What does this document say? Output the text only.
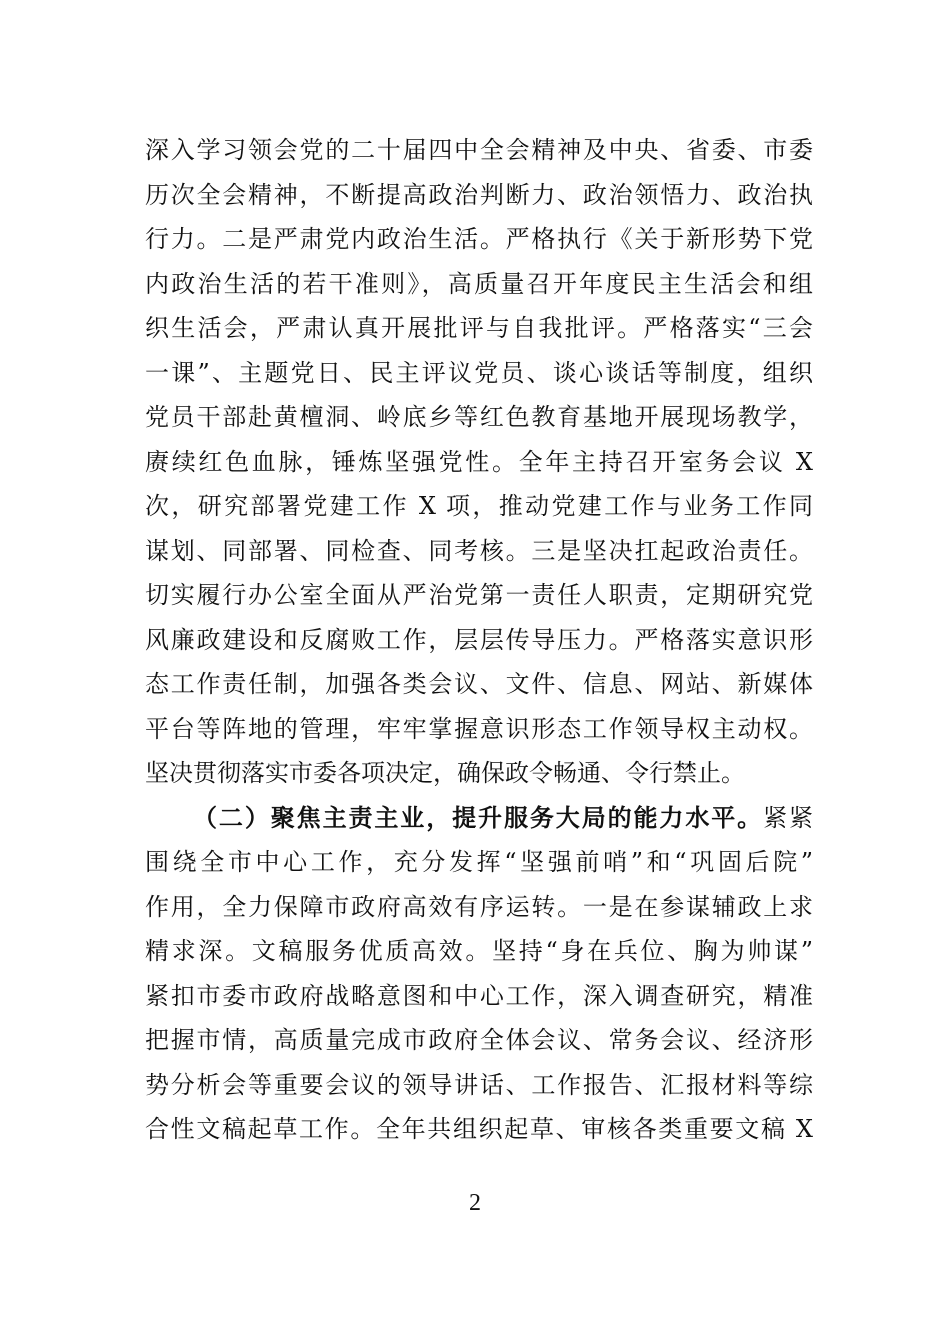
深入学习领会党的二十届四中全会精神及中央、省委、市委
历次全会精神，不断提高政治判断力、政治领悟力、政治执
行力。二是严肃党内政治生活。严格执行《关于新形势下党
内政治生活的若干准则》，高质量召开年度民主生活会和组
织生活会，严肃认真开展批评与自我批评。严格落实“三会
一课”、主题党日、民主评议党员、谈心谈话等制度，组织
党员干部赴黄檀洞、岭底乡等红色教育基地开展现场教学，
赓续红色血脉，锤炼坚强党性。全年主持召开室务会议 X
次，研究部署党建工作 X 项，推动党建工作与业务工作同
谋划、同部署、同检查、同考核。三是坚决扛起政治责任。
切实履行办公室全面从严治党第一责任人职责，定期研究党
风廉政建设和反腐败工作，层层传导压力。严格落实意识形
态工作责任制，加强各类会议、文件、信息、网站、新媒体
平台等阵地的管理，牢牢掌握意识形态工作领导权主动权。
坚决贯彻落实市委各项决定，确保政令畅通、令行禁止。
（二）聚焦主责主业，提升服务大局的能力水平。紧紧
围绕全市中心工作，充分发挥“坚强前哨”和“巩固后院”
作用，全力保障市政府高效有序运转。一是在参谋辅政上求
精求深。文稿服务优质高效。坚持“身在兵位、胸为帅谋”
紧扣市委市政府战略意图和中心工作，深入调查研究，精准
把握市情，高质量完成市政府全体会议、常务会议、经济形
势分析会等重要会议的领导讲话、工作报告、汇报材料等综
合性文稿起草工作。全年共组织起草、审核各类重要文稿 X
2
